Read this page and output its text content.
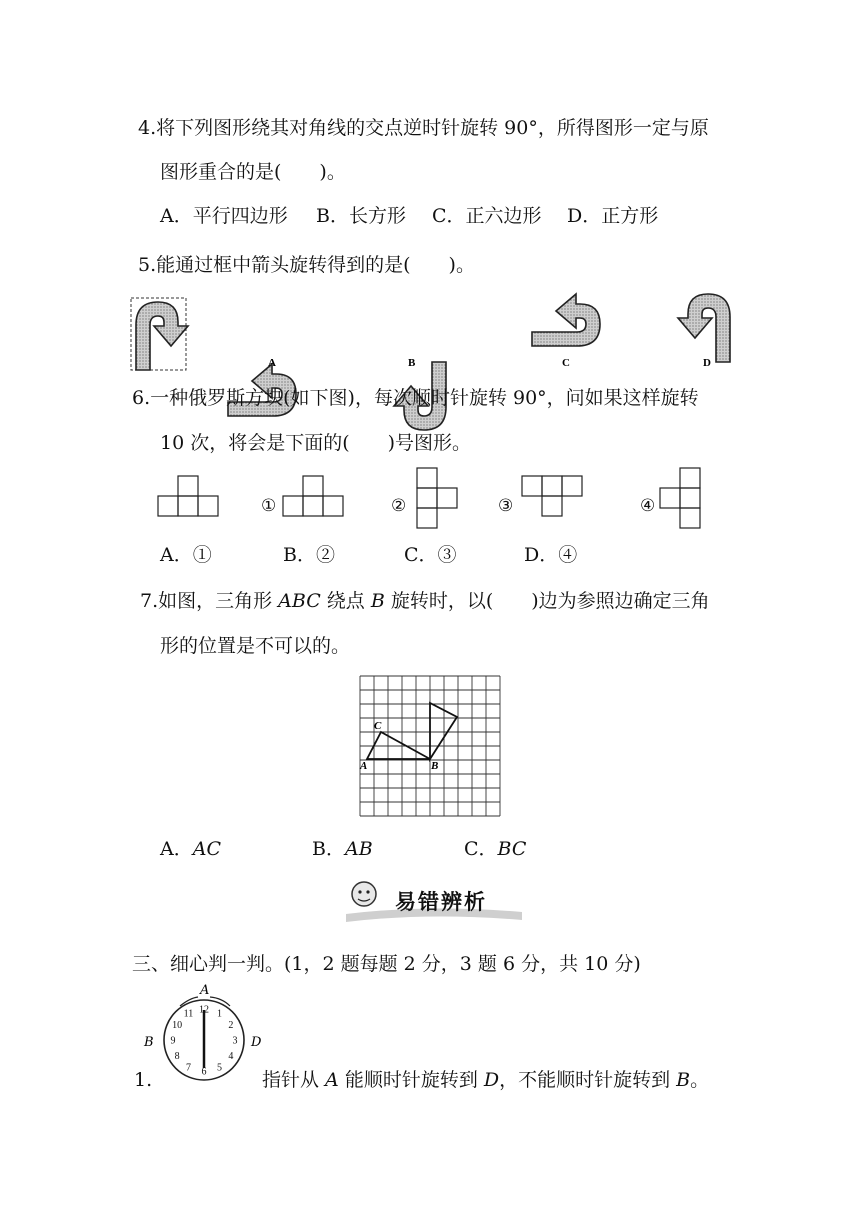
4.将下列图形绕其对角线的交点逆时针旋转 90°，所得图形一定与原
图形重合的是(　　)。
A．平行四边形 B．长方形 C．正六边形 D．正方形
5.能通过框中箭头旋转得到的是(　　)。
A	B	C	D
6.一种俄罗斯方块(如下图)，每次顺时针旋转 90°，问如果这样旋转
10 次，将会是下面的(　　)号图形。
①	②	③	④
A．①	B．②	C．③	D．④
7.如图，三角形 ABC 绕点 B 旋转时，以(　　)边为参照边确定三角
形的位置是不可以的。
A	B
C
A．AC	B．AB	C．BC
易错辨析
三、细心判一判。(1，2 题每题 2 分，3 题 6 分，共 10 分)
12 1
2
3
4
5
6
7
8
9
10
11
A
B	D
1.	指针从 A 能顺时针旋转到 D，不能顺时针旋转到 B。
